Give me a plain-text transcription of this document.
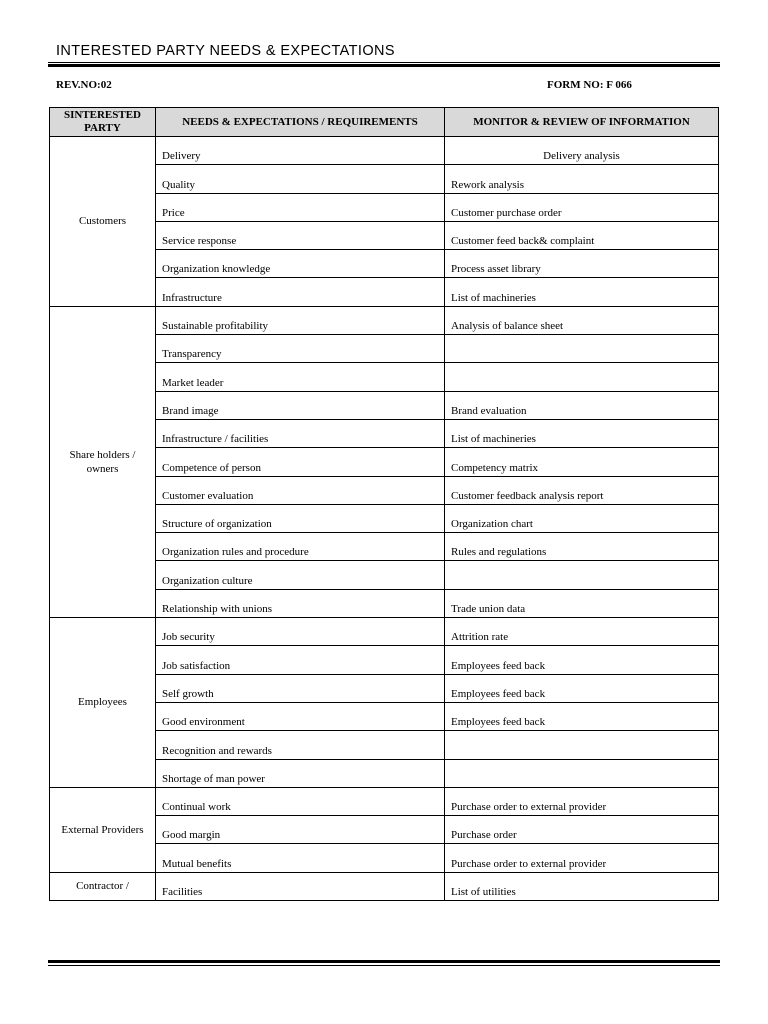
INTERESTED PARTY NEEDS & EXPECTATIONS
REV.NO:02	FORM NO: F 066
SINTERESTED PARTY	NEEDS & EXPECTATIONS / REQUIREMENTS	MONITOR & REVIEW OF INFORMATION
Customers	Delivery	Delivery analysis
	Quality	Rework analysis
	Price	Customer purchase order
	Service response	Customer feed back& complaint
	Organization knowledge	Process asset library
	Infrastructure	List of machineries
Share holders / owners	Sustainable profitability	Analysis of balance sheet
	Transparency	
	Market leader	
	Brand image	Brand evaluation
	Infrastructure / facilities	List of machineries
	Competence of person	Competency matrix
	Customer evaluation	Customer feedback analysis report
	Structure of organization	Organization chart
	Organization rules and procedure	Rules and regulations
	Organization culture	
	Relationship with unions	Trade union data
Employees	Job security	Attrition rate
	Job satisfaction	Employees feed back
	Self growth	Employees feed back
	Good environment	Employees feed back
	Recognition and rewards	
	Shortage of man power	
External Providers	Continual work	Purchase order to external provider
	Good margin	Purchase order
	Mutual benefits	Purchase order to external provider
Contractor /	Facilities	List of utilities
